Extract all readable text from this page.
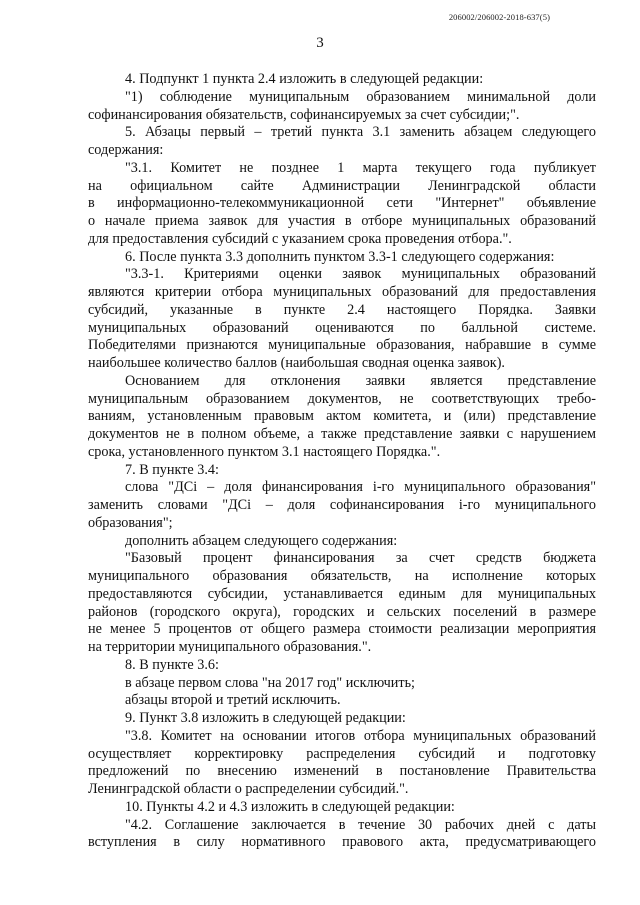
206002/206002-2018-637(5)
3
4. Подпункт 1 пункта 2.4 изложить в следующей редакции:
"1) соблюдение муниципальным образованием минимальной доли
софинансирования обязательств, софинансируемых за счет субсидии;".
5. Абзацы первый – третий пункта 3.1 заменить абзацем следующего
содержания:
"3.1. Комитет не позднее 1 марта текущего года публикует
на официальном сайте Администрации Ленинградской области
в информационно-телекоммуникационной сети "Интернет" объявление
о начале приема заявок для участия в отборе муниципальных образований
для предоставления субсидий с указанием срока проведения отбора.".
6. После пункта 3.3 дополнить пунктом 3.3-1 следующего содержания:
"3.3-1. Критериями оценки заявок муниципальных образований
являются критерии отбора муниципальных образований для предоставления
субсидий, указанные в пункте 2.4 настоящего Порядка. Заявки
муниципальных образований оцениваются по балльной системе.
Победителями признаются муниципальные образования, набравшие в сумме
наибольшее количество баллов (наибольшая сводная оценка заявок).
Основанием для отклонения заявки является представление
муниципальным образованием документов, не соответствующих требо-
ваниям, установленным правовым актом комитета, и (или) представление
документов не в полном объеме, а также представление заявки с нарушением
срока, установленного пунктом 3.1 настоящего Порядка.".
7. В пункте 3.4:
слова "ДСi – доля финансирования i-го муниципального образования"
заменить словами "ДСi – доля софинансирования i-го муниципального
образования";
дополнить абзацем следующего содержания:
"Базовый процент финансирования за счет средств бюджета
муниципального образования обязательств, на исполнение которых
предоставляются субсидии, устанавливается единым для муниципальных
районов (городского округа), городских и сельских поселений в размере
не менее 5 процентов от общего размера стоимости реализации мероприятия
на территории муниципального образования.".
8. В пункте 3.6:
в абзаце первом слова "на 2017 год" исключить;
абзацы второй и третий исключить.
9. Пункт 3.8 изложить в следующей редакции:
"3.8. Комитет на основании итогов отбора муниципальных образований
осуществляет корректировку распределения субсидий и подготовку
предложений по внесению изменений в постановление Правительства
Ленинградской области о распределении субсидий.".
10. Пункты 4.2 и 4.3 изложить в следующей редакции:
"4.2. Соглашение заключается в течение 30 рабочих дней с даты
вступления в силу нормативного правового акта, предусматривающего
